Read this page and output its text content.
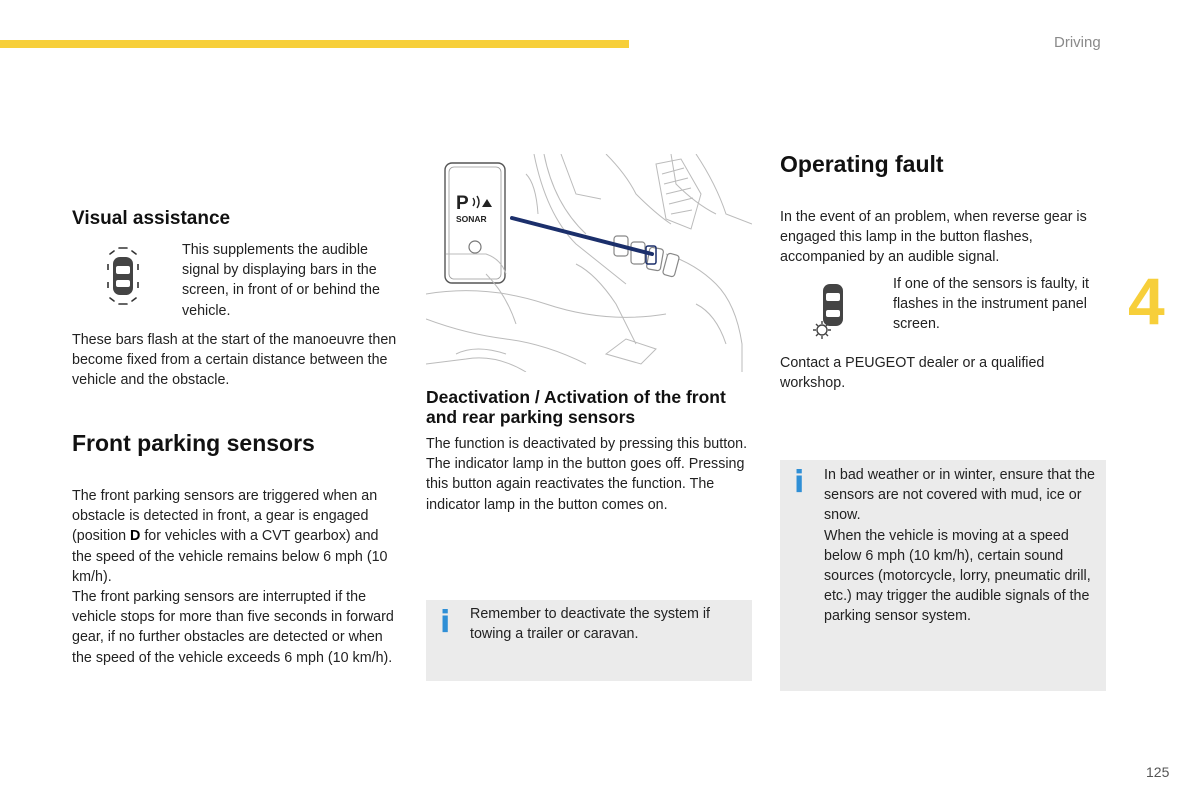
Driving
4
125
Visual assistance

This supplements the audible signal by displaying bars in the screen, in front of or behind the vehicle.

These bars flash at the start of the manoeuvre then become fixed from a certain distance between the vehicle and the obstacle.

Front parking sensors

The front parking sensors are triggered when an obstacle is detected in front, a gear is engaged (position D for vehicles with a CVT gearbox) and the speed of the vehicle remains below 6 mph (10 km/h).

The front parking sensors are interrupted if the vehicle stops for more than five seconds in forward gear, if no further obstacles are detected or when the speed of the vehicle exceeds 6 mph (10 km/h).

P
SONAR
Deactivation / Activation of the front and rear parking sensors

The function is deactivated by pressing this button. The indicator lamp in the button goes off. Pressing this button again reactivates the function. The indicator lamp in the button comes on.

i Remember to deactivate the system if towing a trailer or caravan.

Operating fault

In the event of an problem, when reverse gear is engaged this lamp in the button flashes, accompanied by an audible signal.

If one of the sensors is faulty, it flashes in the instrument panel screen.

Contact a PEUGEOT dealer or a qualified workshop.

i In bad weather or in winter, ensure that the sensors are not covered with mud, ice or snow.

When the vehicle is moving at a speed below 6 mph (10 km/h), certain sound sources (motorcycle, lorry, pneumatic drill, etc.) may trigger the audible signals of the parking sensor system.
